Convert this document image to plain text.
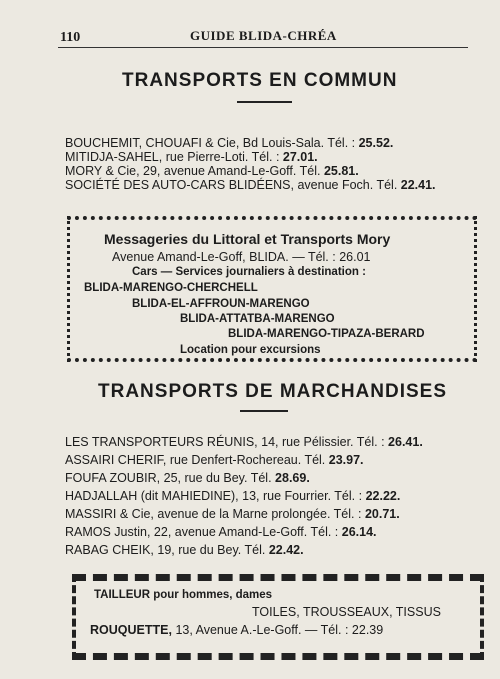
110	GUIDE BLIDA-CHRÉA
TRANSPORTS EN COMMUN
BOUCHEMIT, CHOUAFI & Cie, Bd Louis-Sala. Tél. : 25.52.
MITIDJA-SAHEL, rue Pierre-Loti. Tél. : 27.01.
MORY & Cie, 29, avenue Amand-Le-Goff. Tél. 25.81.
SOCIÉTÉ DES AUTO-CARS BLIDÉENS, avenue Foch. Tél. 22.41.
Messageries du Littoral et Transports Mory
Avenue Amand-Le-Goff, BLIDA. — Tél. : 26.01
Cars — Services journaliers à destination :
BLIDA-MARENGO-CHERCHELL
BLIDA-EL-AFFROUN-MARENGO
BLIDA-ATTATBA-MARENGO
BLIDA-MARENGO-TIPAZA-BERARD
Location pour excursions
TRANSPORTS DE MARCHANDISES
LES TRANSPORTEURS RÉUNIS, 14, rue Pélissier. Tél. : 26.41.
ASSAIRI CHERIF, rue Denfert-Rochereau. Tél. 23.97.
FOUFA ZOUBIR, 25, rue du Bey. Tél. 28.69.
HADJALLAH (dit MAHIEDINE), 13, rue Fourrier. Tél. : 22.22.
MASSIRI & Cie, avenue de la Marne prolongée. Tél. : 20.71.
RAMOS Justin, 22, avenue Amand-Le-Goff. Tél. : 26.14.
RABAG CHEIK, 19, rue du Bey. Tél. 22.42.
TAILLEUR pour hommes, dames
TOILES, TROUSSEAUX, TISSUS
ROUQUETTE, 13, Avenue A.-Le-Goff. — Tél. : 22.39
